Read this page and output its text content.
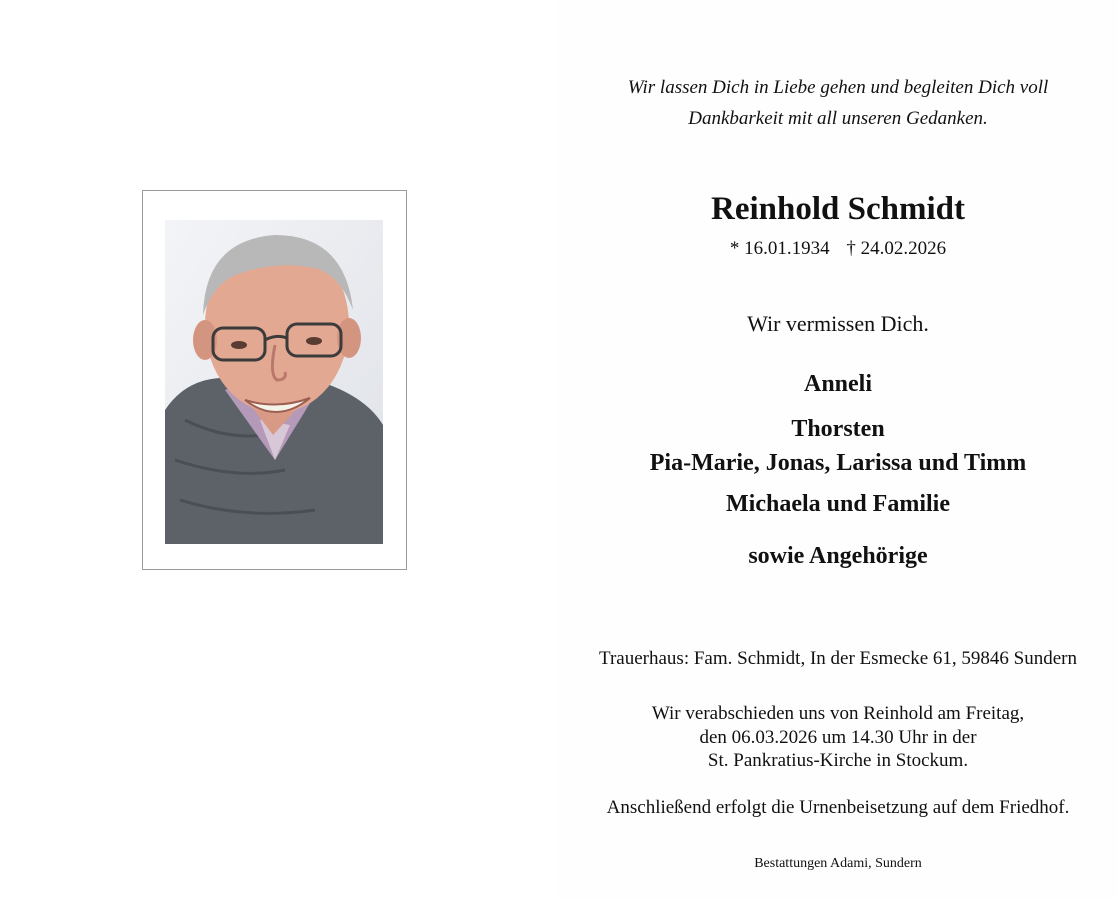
Wir lassen Dich in Liebe gehen und begleiten Dich voll
Dankbarkeit mit all unseren Gedanken.
Reinhold Schmidt
* 16.01.1934 † 24.02.2026
Wir vermissen Dich.
Anneli
Thorsten
Pia-Marie, Jonas, Larissa und Timm
Michaela und Familie
sowie Angehörige
Trauerhaus: Fam. Schmidt, In der Esmecke 61, 59846 Sundern
Wir verabschieden uns von Reinhold am Freitag,
den 06.03.2026 um 14.30 Uhr in der
St. Pankratius-Kirche in Stockum.
Anschließend erfolgt die Urnenbeisetzung auf dem Friedhof.
Bestattungen Adami, Sundern
